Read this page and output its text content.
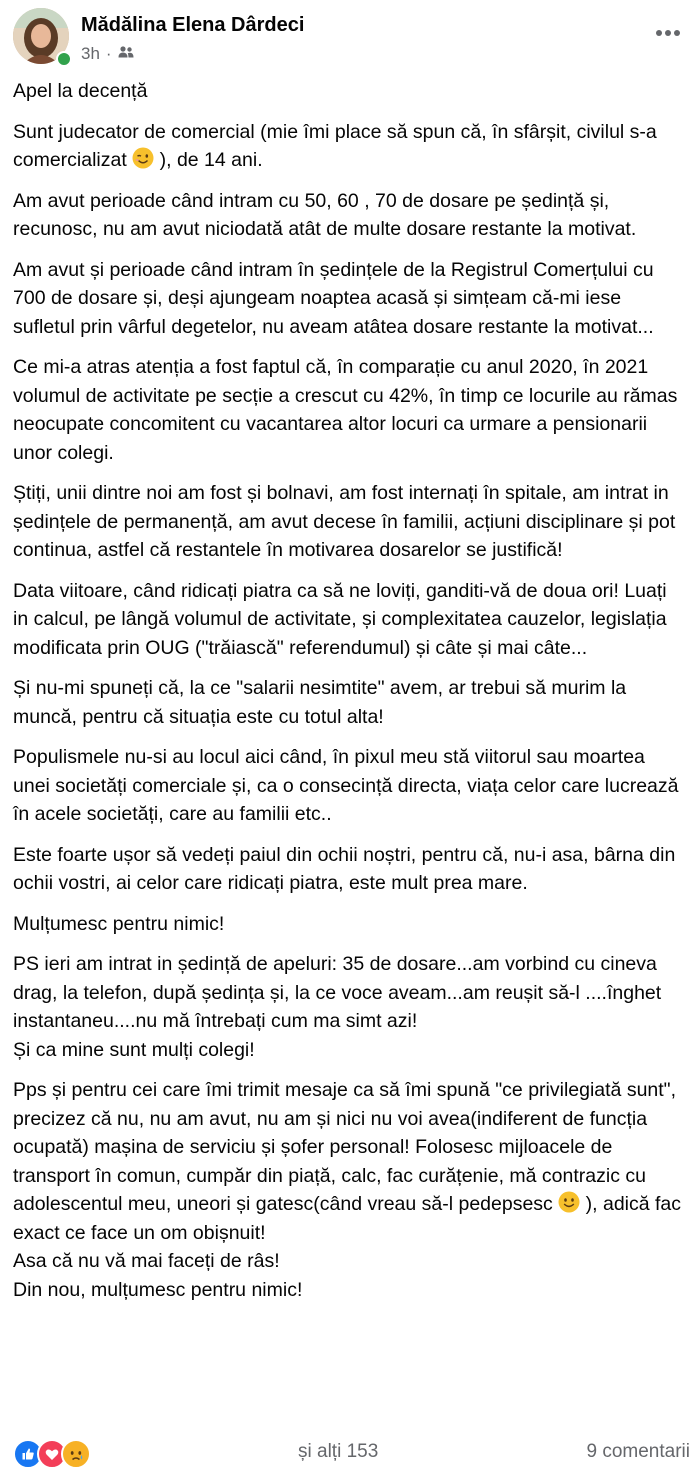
Mădălina Elena Dârdeci
3h ·

Apel la decență

Sunt judecator de comercial (mie îmi place să spun că, în sfârșit, civilul s-a comercializat  ), de 14 ani.

Am avut perioade când intram cu 50, 60 , 70 de dosare pe ședință și, recunosc, nu am avut niciodată atât de multe dosare restante la motivat.

Am avut și perioade când intram în ședințele de la Registrul Comerțului cu 700 de dosare și, deși ajungeam noaptea acasă și simțeam că-mi iese sufletul prin vârful degetelor, nu aveam atâtea dosare restante la motivat...

Ce mi-a atras atenția a fost faptul că, în comparație cu anul 2020, în 2021 volumul de activitate pe secție a crescut cu 42%, în timp ce locurile au rămas neocupate concomitent cu vacantarea altor locuri ca urmare a pensionarii unor colegi.

Știți, unii dintre noi am fost și bolnavi, am fost internați în spitale, am intrat in ședințele de permanență, am avut decese în familii, acțiuni disciplinare și pot continua, astfel că restantele în motivarea dosarelor se justifică!

Data viitoare, când ridicați piatra ca să ne loviți, ganditi-vă de doua ori! Luați in calcul, pe lângă volumul de activitate, și complexitatea cauzelor, legislația modificata prin OUG ("trăiască" referendumul) și câte și mai câte...

Și nu-mi spuneți că, la ce "salarii nesimtite" avem, ar trebui să murim la muncă, pentru că situația este cu totul alta!

Populismele nu-si au locul aici când, în pixul meu stă viitorul sau moartea unei societăți comerciale și, ca o consecință directa, viața celor care lucrează în acele societăți, care au familii etc..

Este foarte ușor să vedeți paiul din ochii noștri, pentru că, nu-i asa, bârna din ochii vostri, ai celor care ridicați piatra, este mult prea mare.

Mulțumesc pentru nimic!

PS ieri am intrat in ședință de apeluri: 35 de dosare...am vorbind cu cineva drag, la telefon, după ședința și, la ce voce aveam...am reușit să-l ....înghet instantaneu....nu mă întrebați cum ma simt azi!
Și ca mine sunt mulți colegi!

Pps și pentru cei care îmi trimit mesaje ca să îmi spună "ce privilegiată sunt", precizez că nu, nu am avut, nu am și nici nu voi avea(indiferent de funcția ocupată) mașina de serviciu și șofer personal! Folosesc mijloacele de transport în comun, cumpăr din piață, calc, fac curățenie, mă contrazic cu adolescentul meu, uneori și gatesc(când vreau să-l pedepsesc  ), adică fac exact ce face un om obișnuit!
Asa că nu vă mai faceți de râs!
Din nou, mulțumesc pentru nimic!

și alți 153	9 comentarii
